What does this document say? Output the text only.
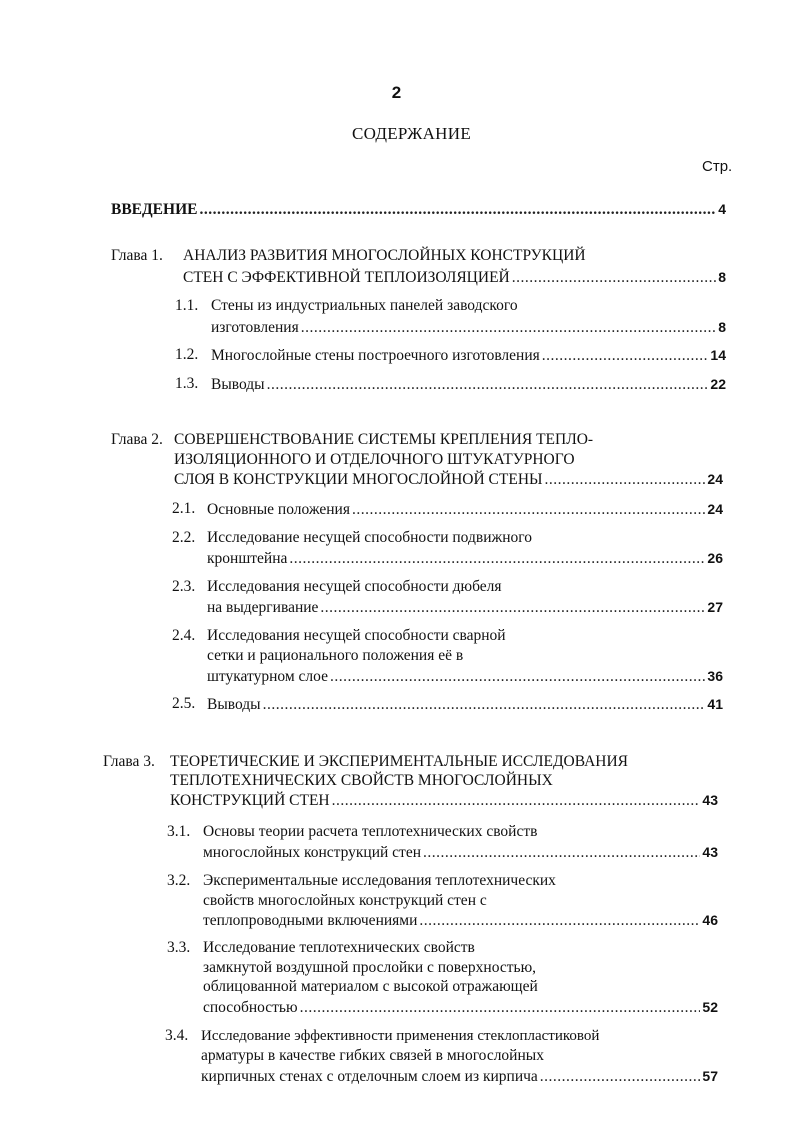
2
СОДЕРЖАНИЕ
Стр.
ВВЕДЕНИЕ .....	4
Глава 1. АНАЛИЗ РАЗВИТИЯ МНОГОСЛОЙНЫХ КОНСТРУКЦИЙ
СТЕН С ЭФФЕКТИВНОЙ ТЕПЛОИЗОЛЯЦИЕЙ .....	8
1.1. Стены из индустриальных панелей заводского
изготовления .....	8
1.2. Многослойные стены построечного изготовления .....	14
1.3. Выводы .....	22
Глава 2. СОВЕРШЕНСТВОВАНИЕ СИСТЕМЫ КРЕПЛЕНИЯ ТЕПЛО-
ИЗОЛЯЦИОННОГО И ОТДЕЛОЧНОГО ШТУКАТУРНОГО
СЛОЯ В КОНСТРУКЦИИ МНОГОСЛОЙНОЙ СТЕНЫ .....	24
2.1. Основные положения .....	24
2.2. Исследование несущей способности подвижного
кронштейна .....	26
2.3. Исследования несущей способности дюбеля
на выдергивание .....	27
2.4. Исследования несущей способности сварной
сетки и рационального положения её в
штукатурном слое .....	36
2.5. Выводы .....	41
Глава 3. ТЕОРЕТИЧЕСКИЕ И ЭКСПЕРИМЕНТАЛЬНЫЕ ИССЛЕДОВАНИЯ
ТЕПЛОТЕХНИЧЕСКИХ СВОЙСТВ МНОГОСЛОЙНЫХ
КОНСТРУКЦИЙ СТЕН .....	43
3.1. Основы теории расчета теплотехнических свойств
многослойных конструкций стен .....	43
3.2. Экспериментальные исследования теплотехнических
свойств многослойных конструкций стен с
теплопроводными включениями .....	46
3.3. Исследование теплотехнических свойств
замкнутой воздушной прослойки с поверхностью,
облицованной материалом с высокой отражающей
способностью .....	52
3.4. Исследование эффективности применения стеклопластиковой
арматуры в качестве гибких связей в многослойных
кирпичных стенах с отделочным слоем из кирпича .....	57
